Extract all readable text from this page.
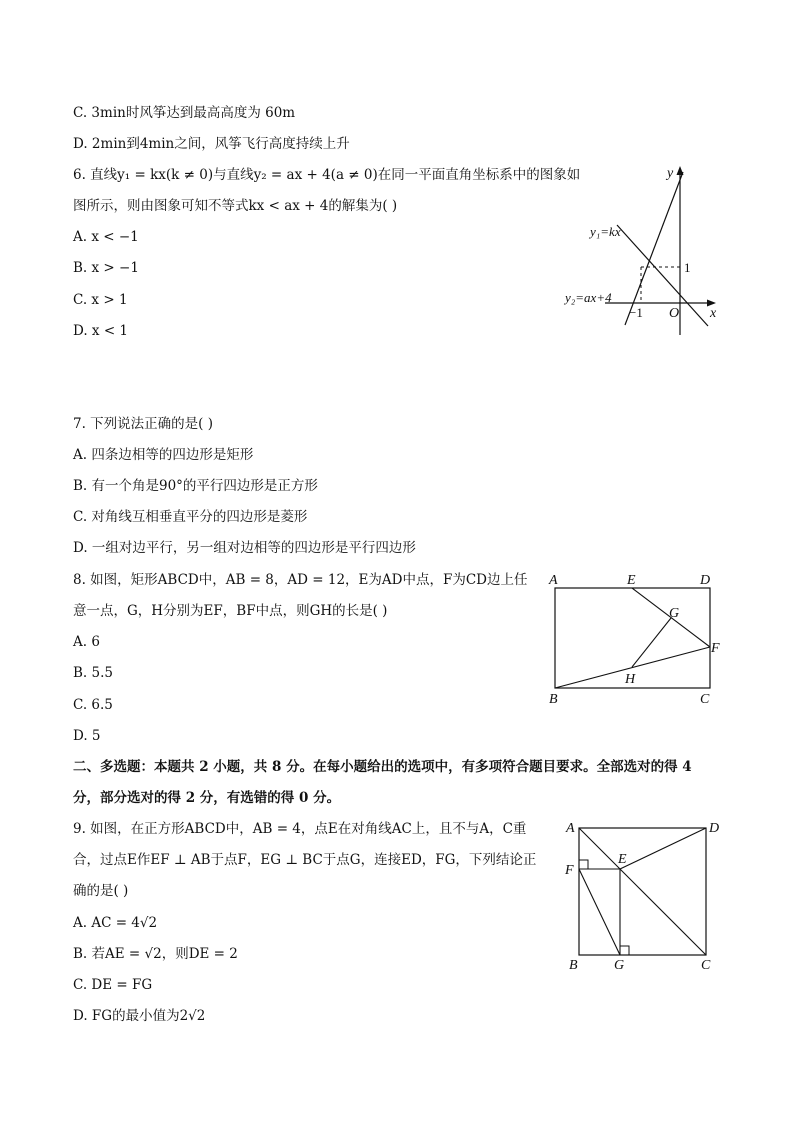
C. 3min时风筝达到最高高度为 60m
D. 2min到4min之间，风筝飞行高度持续上升
6. 直线y₁ = kx(k ≠ 0)与直线y₂ = ax + 4(a ≠ 0)在同一平面直角坐标系中的图象如
图所示，则由图象可知不等式kx < ax + 4的解集为( )
A. x < −1
B. x > −1
C. x > 1
D. x < 1
y
x
O
y₁=kx
y₂=ax+4
−1
1
7. 下列说法正确的是( )
A. 四条边相等的四边形是矩形
B. 有一个角是90°的平行四边形是正方形
C. 对角线互相垂直平分的四边形是菱形
D. 一组对边平行，另一组对边相等的四边形是平行四边形
8. 如图，矩形ABCD中，AB = 8，AD = 12，E为AD中点，F为CD边上任
意一点，G，H分别为EF，BF中点，则GH的长是( )
A. 6
B. 5.5
C. 6.5
D. 5
A	E	D
G
F
H
B	C
二、多选题：本题共 2 小题，共 8 分。在每小题给出的选项中，有多项符合题目要求。全部选对的得 4
分，部分选对的得 2 分，有选错的得 0 分。
9. 如图，在正方形ABCD中，AB = 4，点E在对角线AC上，且不与A，C重
合，过点E作EF ⊥ AB于点F，EG ⊥ BC于点G，连接ED，FG，下列结论正
确的是( )
A. AC = 4√2
B. 若AE = √2，则DE = 2
C. DE = FG
D. FG的最小值为2√2
A	D
E
F
B	G	C
